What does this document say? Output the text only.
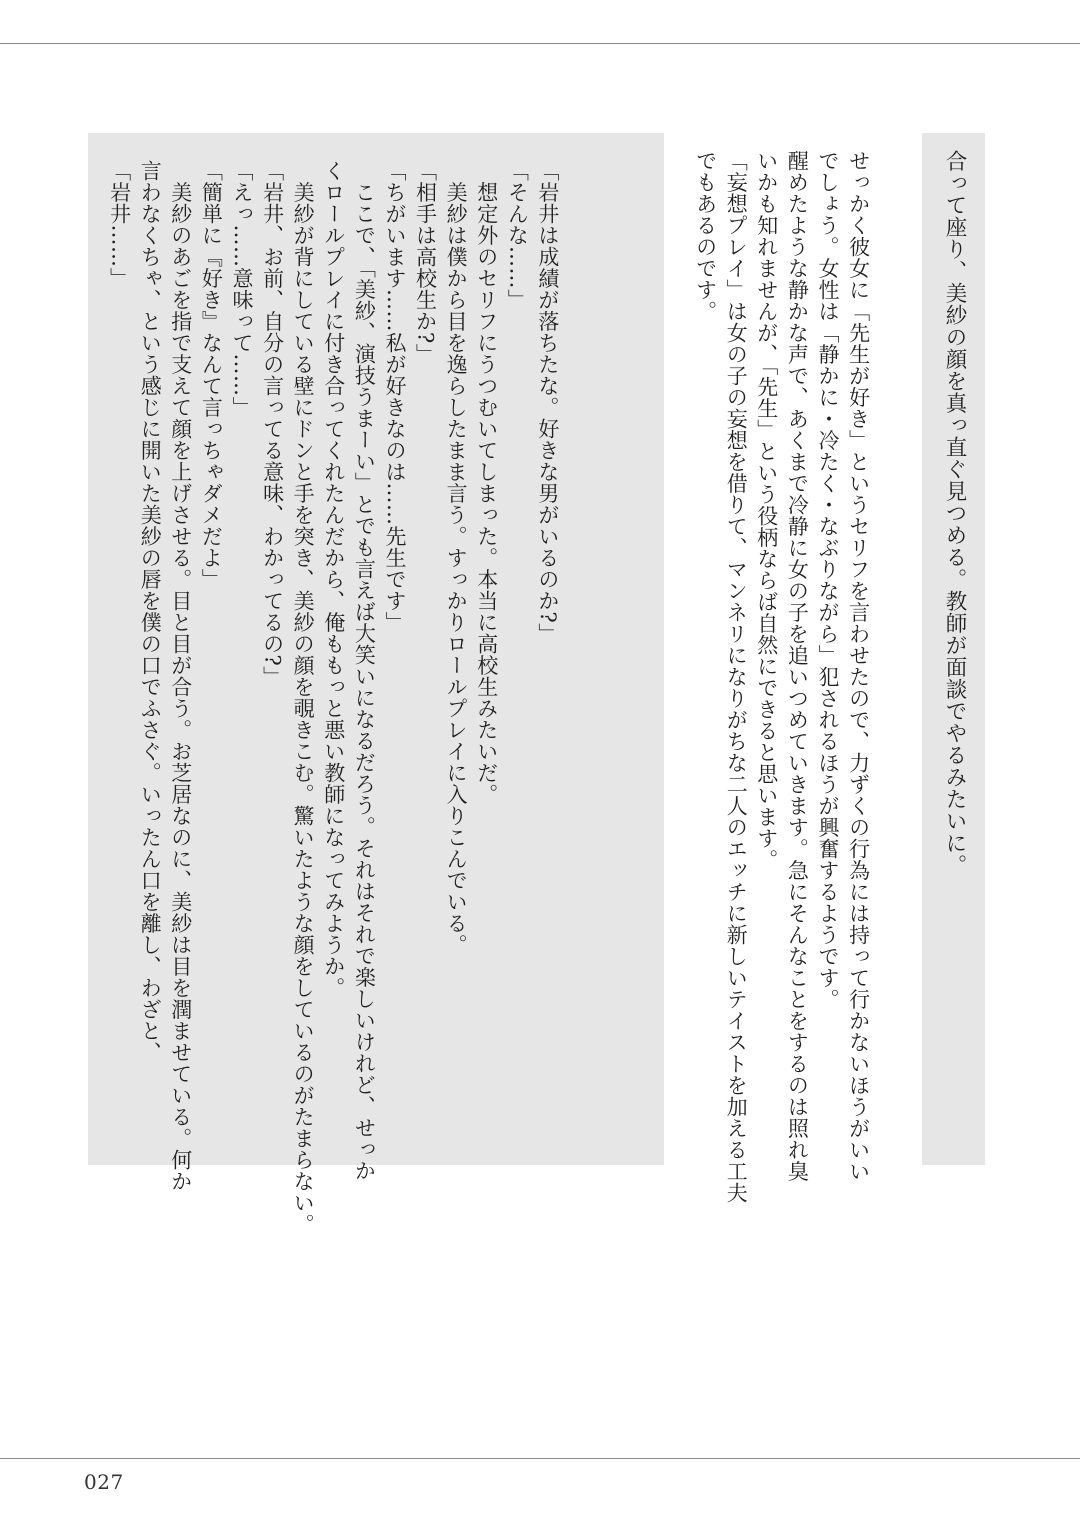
合って座り、美紗の顔を真っ直ぐ見つめる。教師が面談でやるみたいに。

せっかく彼女に「先生が好き」というセリフを言わせたので、力ずくの行為には持って行かないほうがいい

でしょう。女性は「静かに・冷たく・なぶりながら」犯されるほうが興奮するようです。

醒めたような静かな声で、あくまで冷静に女の子を追いつめていきます。急にそんなことをするのは照れ臭

いかも知れませんが、「先生」という役柄ならば自然にできると思います。

「妄想プレイ」は女の子の妄想を借りて、マンネリになりがちな二人のエッチに新しいテイストを加える工夫

でもあるのです。

「岩井は成績が落ちたな。好きな男がいるのか?」

「そんな……」

　想定外のセリフにうつむいてしまった。本当に高校生みたいだ。

　美紗は僕から目を逸らしたまま言う。すっかりロールプレイに入りこんでいる。

「相手は高校生か?」

「ちがいます……私が好きなのは……先生です」

　ここで、「美紗、演技うまーい」とでも言えば大笑いになるだろう。それはそれで楽しいけれど、せっか

くロールプレイに付き合ってくれたんだから、俺ももっと悪い教師になってみようか。

　美紗が背にしている壁にドンと手を突き、美紗の顔を覗きこむ。驚いたような顔をしているのがたまらない。

「岩井、お前、自分の言ってる意味、わかってるの?」

「えっ……意味って……」

「簡単に『好き』なんて言っちゃダメだよ」

　美紗のあごを指で支えて顔を上げさせる。目と目が合う。お芝居なのに、美紗は目を潤ませている。何か

言わなくちゃ、という感じに開いた美紗の唇を僕の口でふさぐ。いったん口を離し、わざと、

「岩井……」

027
